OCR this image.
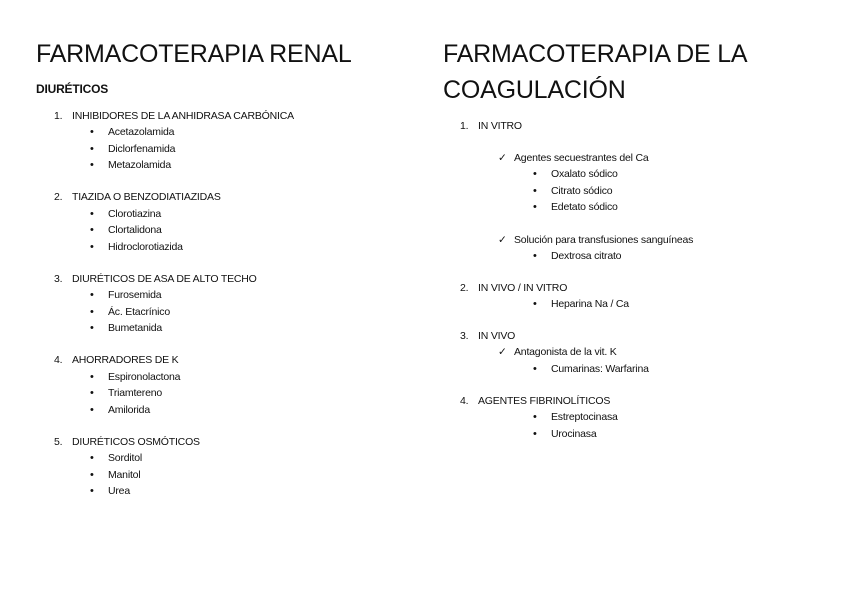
FARMACOTERAPIA RENAL
DIURÉTICOS
1. INHIBIDORES DE LA ANHIDRASA CARBÓNICA
• Acetazolamida
• Diclorfenamida
• Metazolamida
2. TIAZIDA O BENZODIATIAZIDAS
• Clorotiazina
• Clortalidona
• Hidroclorotiazida
3. DIURÉTICOS DE ASA DE ALTO TECHO
• Furosemida
• Ác. Etacrínico
• Bumetanida
4. AHORRADORES DE K
• Espironolactona
• Triamtereno
• Amilorida
5. DIURÉTICOS OSMÓTICOS
• Sorditol
• Manitol
• Urea
FARMACOTERAPIA DE LA
COAGULACIÓN
1. IN VITRO
✓ Agentes secuestrantes del Ca
• Oxalato sódico
• Citrato sódico
• Edetato sódico
✓ Solución para transfusiones sanguíneas
• Dextrosa citrato
2. IN VIVO / IN VITRO
• Heparina Na / Ca
3. IN VIVO
✓ Antagonista de la vit. K
• Cumarinas: Warfarina
4. AGENTES FIBRINOLÍTICOS
• Estreptocinasa
• Urocinasa
